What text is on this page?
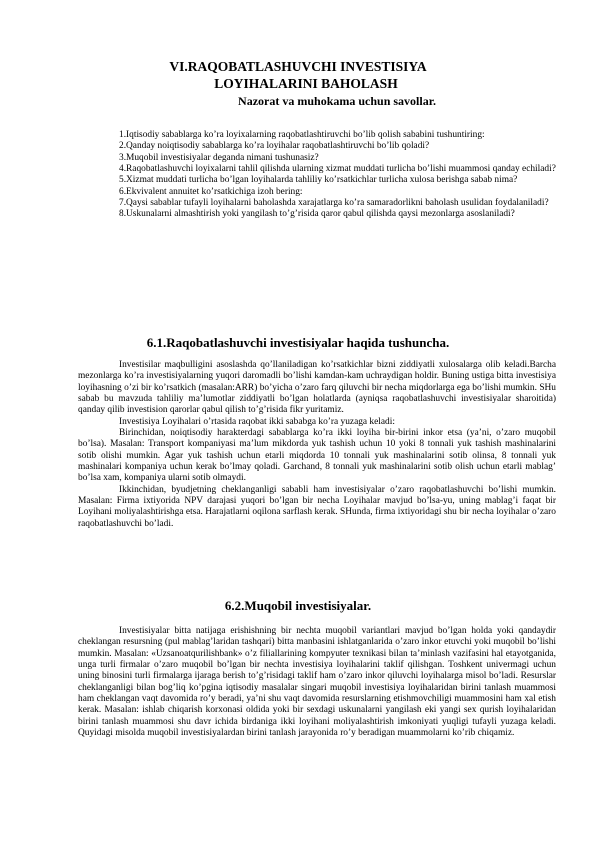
VI.RAQOBATLASHUVCHI INVESTISIYA
LOYIHALARINI BAHOLASH
Nazorat va muhokama uchun savollar.
1.Iqtisodiy sabablarga ko’ra loyixalarning raqobatlashtiruvchi bo’lib qolish sababini tushuntiring:
2.Qanday noiqtisodiy sabablarga ko’ra loyihalar raqobatlashtiruvchi bo’lib qoladi?
3.Muqobil investisiyalar deganda nimani tushunasiz?
4.Raqobatlashuvchi loyixalarni tahlil qilishda ularning xizmat muddati turlicha bo’lishi muammosi qanday echiladi?
5.Xizmat muddati turlicha bo’lgan loyihalarda tahliliy ko’rsatkichlar turlicha xulosa berishga sabab nima?
6.Ekvivalent annuitet ko’rsatkichiga izoh bering:
7.Qaysi sabablar tufayli loyihalarni baholashda xarajatlarga ko’ra samaradorlikni baholash usulidan foydalaniladi?
8.Uskunalarni almashtirish yoki yangilash to’g’risida qaror qabul qilishda qaysi mezonlarga asoslaniladi?
6.1.Raqobatlashuvchi investisiyalar haqida tushuncha.

Investisilar maqbulligini asoslashda qo’llaniladigan ko’rsatkichlar bizni ziddiyatli xulosalarga olib keladi.Barcha mezonlarga ko’ra investisiyalarning yuqori daromadli bo’lishi kamdan-kam uchraydigan holdir. Buning ustiga bitta investisiya loyihasning o’zi bir ko’rsatkich (masalan:ARR) bo’yicha o’zaro farq qiluvchi bir necha miqdorlarga ega bo’lishi mumkin. SHu sabab bu mavzuda tahliliy ma’lumotlar ziddiyatli bo’lgan holatlarda (ayniqsa raqobatlashuvchi investisiyalar sharoitida) qanday qilib investision qarorlar qabul qilish to’g’risida fikr yuritamiz.

Investisiya Loyihalari o’rtasida raqobat ikki sababga ko’ra yuzaga keladi:

Birinchidan, noiqtisodiy harakterdagi sabablarga ko’ra ikki loyiha bir-birini inkor etsa (ya’ni, o’zaro muqobil bo’lsa). Masalan: Transport kompaniyasi ma’lum mikdorda yuk tashish uchun 10 yoki 8 tonnali yuk tashish mashinalarini sotib olishi mumkin. Agar yuk tashish uchun etarli miqdorda 10 tonnali yuk mashinalarini sotib olinsa, 8 tonnali yuk mashinalari kompaniya uchun kerak bo’lmay qoladi. Garchand, 8 tonnali yuk mashinalarini sotib olish uchun etarli mablag’ bo’lsa xam, kompaniya ularni sotib olmaydi.

Ikkinchidan, byudjetning cheklanganligi sababli ham investisiyalar o’zaro raqobatlashuvchi bo’lishi mumkin. Masalan: Firma ixtiyorida NPV darajasi yuqori bo’lgan bir necha Loyihalar mavjud bo’lsa-yu, uning mablag’i faqat bir Loyihani moliyalashtirishga etsa. Harajatlarni oqilona sarflash kerak. SHunda, firma ixtiyoridagi shu bir necha loyihalar o’zaro raqobatlashuvchi bo’ladi.

6.2.Muqobil investisiyalar.

Investisiyalar bitta natijaga erishishning bir nechta muqobil variantlari mavjud bo’lgan holda yoki qandaydir cheklangan resursning (pul mablag’laridan tashqari) bitta manbasini ishlatganlarida o’zaro inkor etuvchi yoki muqobil bo’lishi mumkin. Masalan: «Uzsanoatqurilishbank» o’z filiallarining kompyuter texnikasi bilan ta’minlash vazifasini hal etayotganida, unga turli firmalar o’zaro muqobil bo’lgan bir nechta investisiya loyihalarini taklif qilishgan. Toshkent univermagi uchun uning binosini turli firmalarga ijaraga berish to’g’risidagi taklif ham o’zaro inkor qiluvchi loyihalarga misol bo’ladi. Resurslar cheklanganligi bilan bog’liq ko’pgina iqtisodiy masalalar singari muqobil investisiya loyihalaridan birini tanlash muammosi ham cheklangan vaqt davomida ro’y beradi, ya’ni shu vaqt davomida resurslarning etishmovchiligi muammosini ham xal etish kerak. Masalan: ishlab chiqarish korxonasi oldida yoki bir sexdagi uskunalarni yangilash eki yangi sex qurish loyihalaridan birini tanlash muammosi shu davr ichida birdaniga ikki loyihani moliyalashtirish imkoniyati yuqligi tufayli yuzaga keladi. Quyidagi misolda muqobil investisiyalardan birini tanlash jarayonida ro’y beradigan muammolarni ko’rib chiqamiz.
